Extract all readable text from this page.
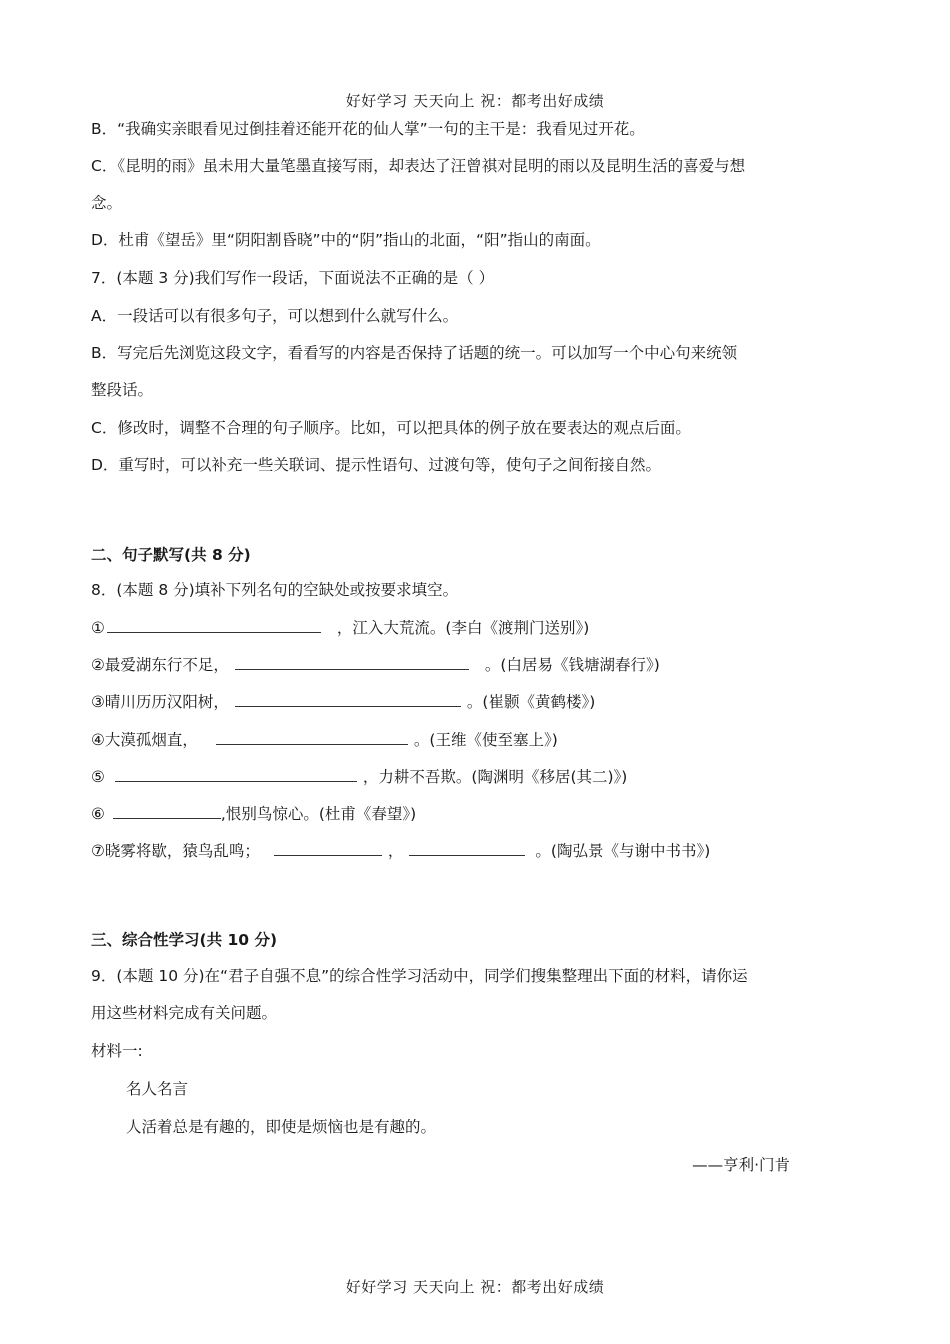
好好学习 天天向上 祝：都考出好成绩
B．“我确实亲眼看见过倒挂着还能开花的仙人掌”一句的主干是：我看见过开花。
C．《昆明的雨》虽未用大量笔墨直接写雨，却表达了汪曾祺对昆明的雨以及昆明生活的喜爱与想
念。
D．杜甫《望岳》里“阴阳割昏晓”中的“阴”指山的北面，“阳”指山的南面。
7．(本题 3 分)我们写作一段话，下面说法不正确的是（ ）
A．一段话可以有很多句子，可以想到什么就写什么。
B．写完后先浏览这段文字，看看写的内容是否保持了话题的统一。可以加写一个中心句来统领
整段话。
C．修改时，调整不合理的句子顺序。比如，可以把具体的例子放在要表达的观点后面。
D．重写时，可以补充一些关联词、提示性语句、过渡句等，使句子之间衔接自然。
二、句子默写(共 8 分)
8．(本题 8 分)填补下列名句的空缺处或按要求填空。
①	，江入大荒流。(李白《渡荆门送别》)
②最爱湖东行不足，	。(白居易《钱塘湖春行》)
③晴川历历汉阳树，	。(崔颢《黄鹤楼》)
④大漠孤烟直，	。(王维《使至塞上》)
⑤	，力耕不吾欺。(陶渊明《移居(其二)》)
⑥	,恨别鸟惊心。(杜甫《春望》)
⑦晓雾将歇，猿鸟乱鸣；	，	。(陶弘景《与谢中书书》)
三、综合性学习(共 10 分)
9．(本题 10 分)在“君子自强不息”的综合性学习活动中，同学们搜集整理出下面的材料，请你运
用这些材料完成有关问题。
材料一:
名人名言
人活着总是有趣的，即使是烦恼也是有趣的。
——亨利·门肯
好好学习 天天向上 祝：都考出好成绩
